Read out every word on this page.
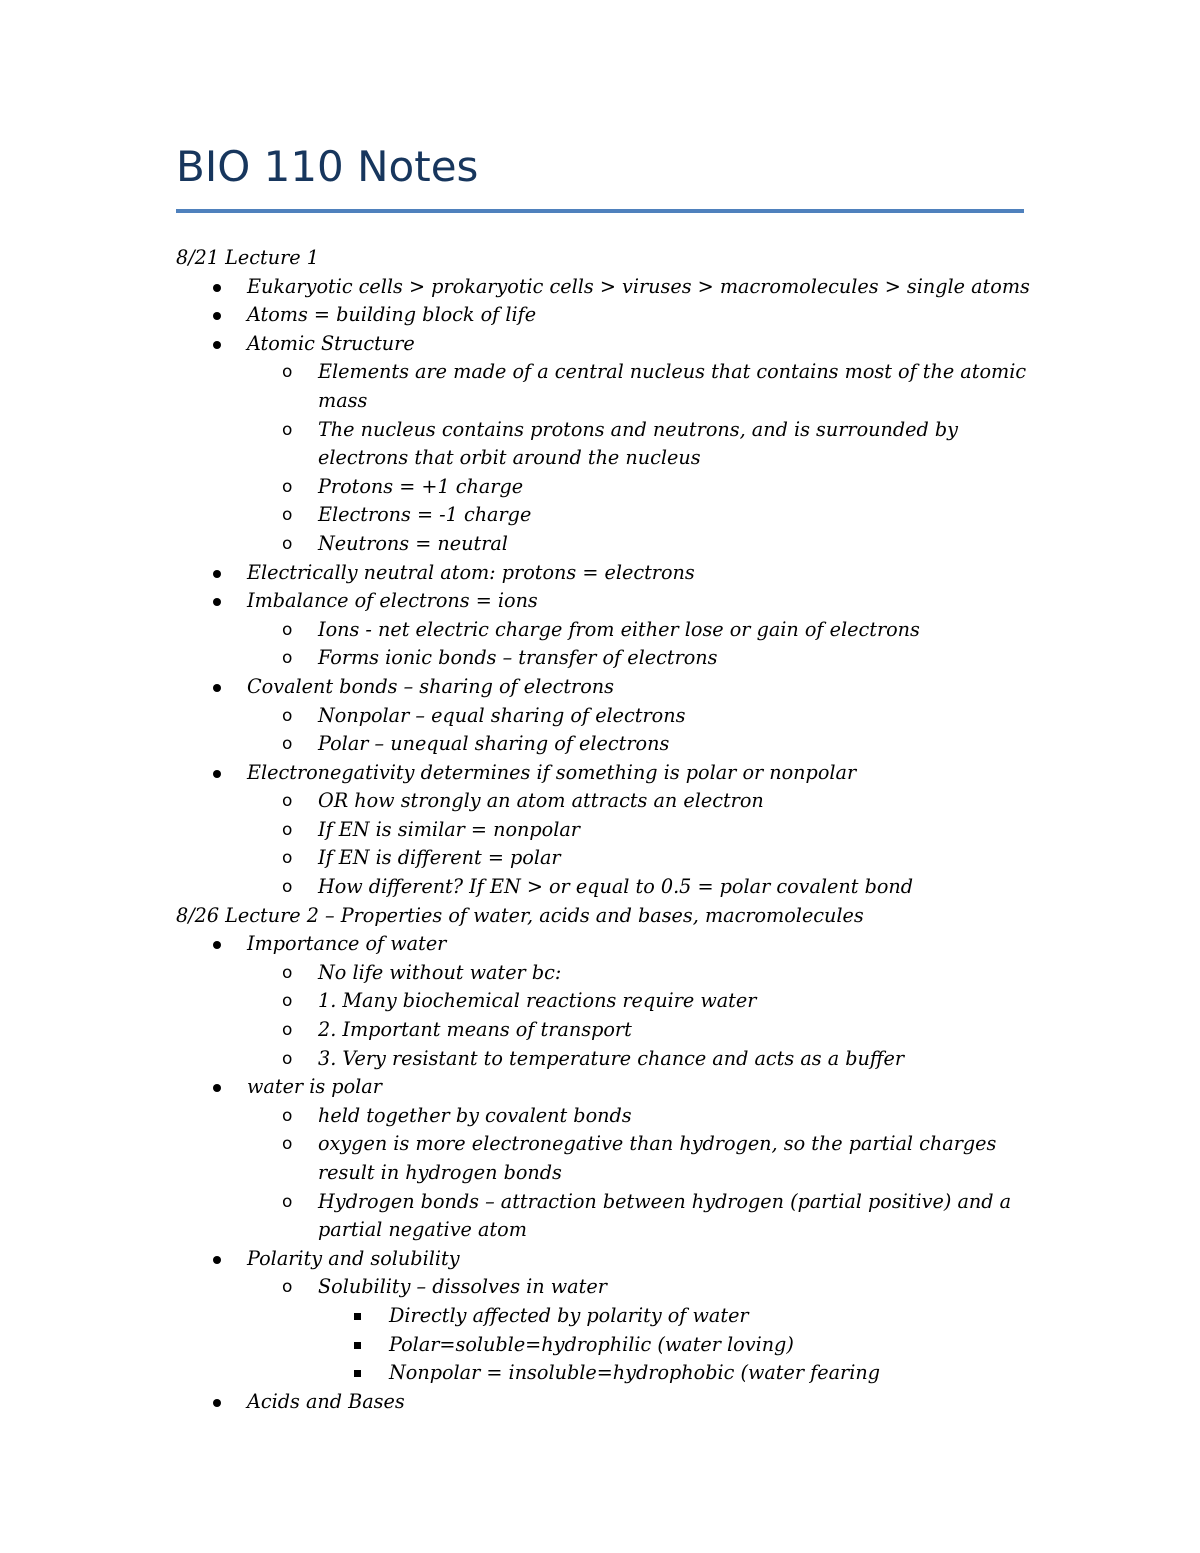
BIO 110 Notes
8/21 Lecture 1
Eukaryotic cells > prokaryotic cells > viruses > macromolecules > single atoms
Atoms = building block of life
Atomic Structure
o Elements are made of a central nucleus that contains most of the atomic
mass
o The nucleus contains protons and neutrons, and is surrounded by
electrons that orbit around the nucleus
o Protons = +1 charge
o Electrons = -1 charge
o Neutrons = neutral
Electrically neutral atom: protons = electrons
Imbalance of electrons = ions
o Ions - net electric charge from either lose or gain of electrons
o Forms ionic bonds – transfer of electrons
Covalent bonds – sharing of electrons
o Nonpolar – equal sharing of electrons
o Polar – unequal sharing of electrons
Electronegativity determines if something is polar or nonpolar
o OR how strongly an atom attracts an electron
o If EN is similar = nonpolar
o If EN is different = polar
o How different? If EN > or equal to 0.5 = polar covalent bond
8/26 Lecture 2 – Properties of water, acids and bases, macromolecules
Importance of water
o No life without water bc:
o 1. Many biochemical reactions require water
o 2. Important means of transport
o 3. Very resistant to temperature chance and acts as a buffer
water is polar
o held together by covalent bonds
o oxygen is more electronegative than hydrogen, so the partial charges
result in hydrogen bonds
o Hydrogen bonds – attraction between hydrogen (partial positive) and a
partial negative atom
Polarity and solubility
o Solubility – dissolves in water
Directly affected by polarity of water
Polar=soluble=hydrophilic (water loving)
Nonpolar = insoluble=hydrophobic (water fearing
Acids and Bases
